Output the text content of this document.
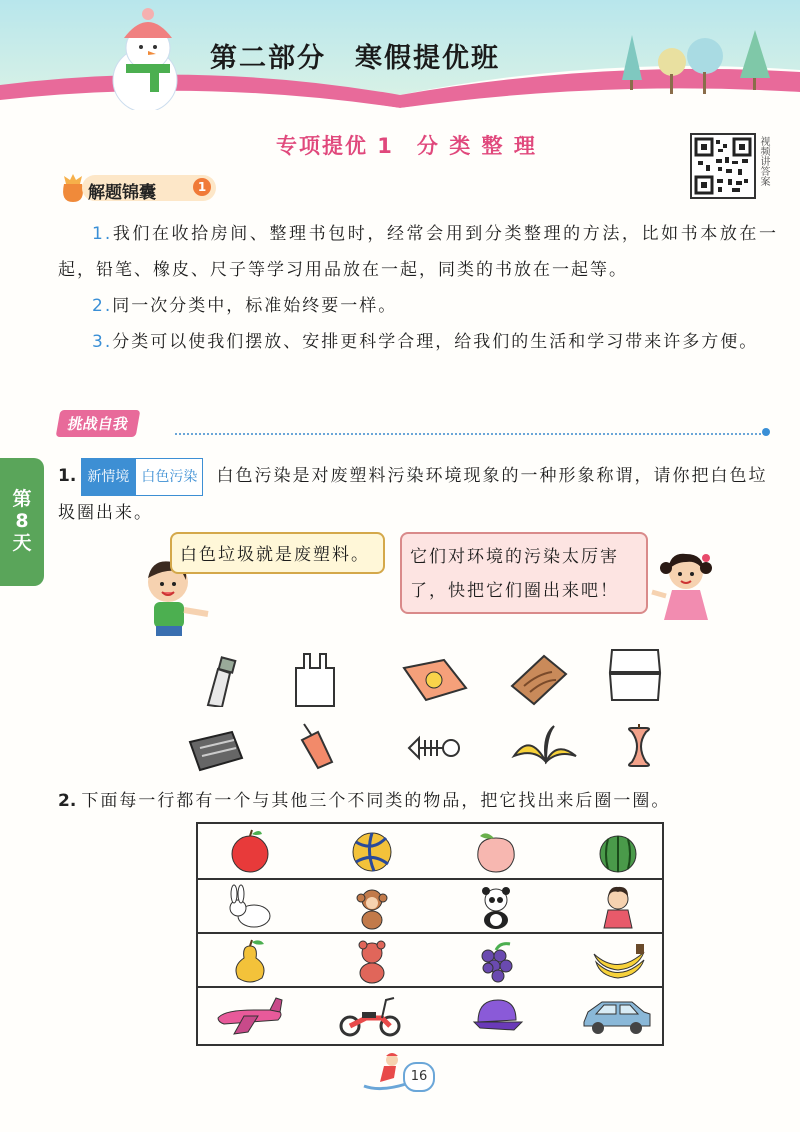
第二部分　寒假提优班
专项提优 1　分 类 整 理	视频讲答案
解题锦囊	1
1.我们在收拾房间、整理书包时，经常会用到分类整理的方法，比如书本放在一起，铅笔、橡皮、尺子等学习用品放在一起，同类的书放在一起等。
2.同一次分类中，标准始终要一样。
3.分类可以使我们摆放、安排更科学合理，给我们的生活和学习带来许多方便。
挑战自我
第
8
天
1. 新情境 白色污染 白色污染是对废塑料污染环境现象的一种形象称谓，请你把白色垃圾圈出来。
白色垃圾就是废塑料。	它们对环境的污染太厉害了，快把它们圈出来吧！
2. 下面每一行都有一个与其他三个不同类的物品，把它找出来后圈一圈。
16
